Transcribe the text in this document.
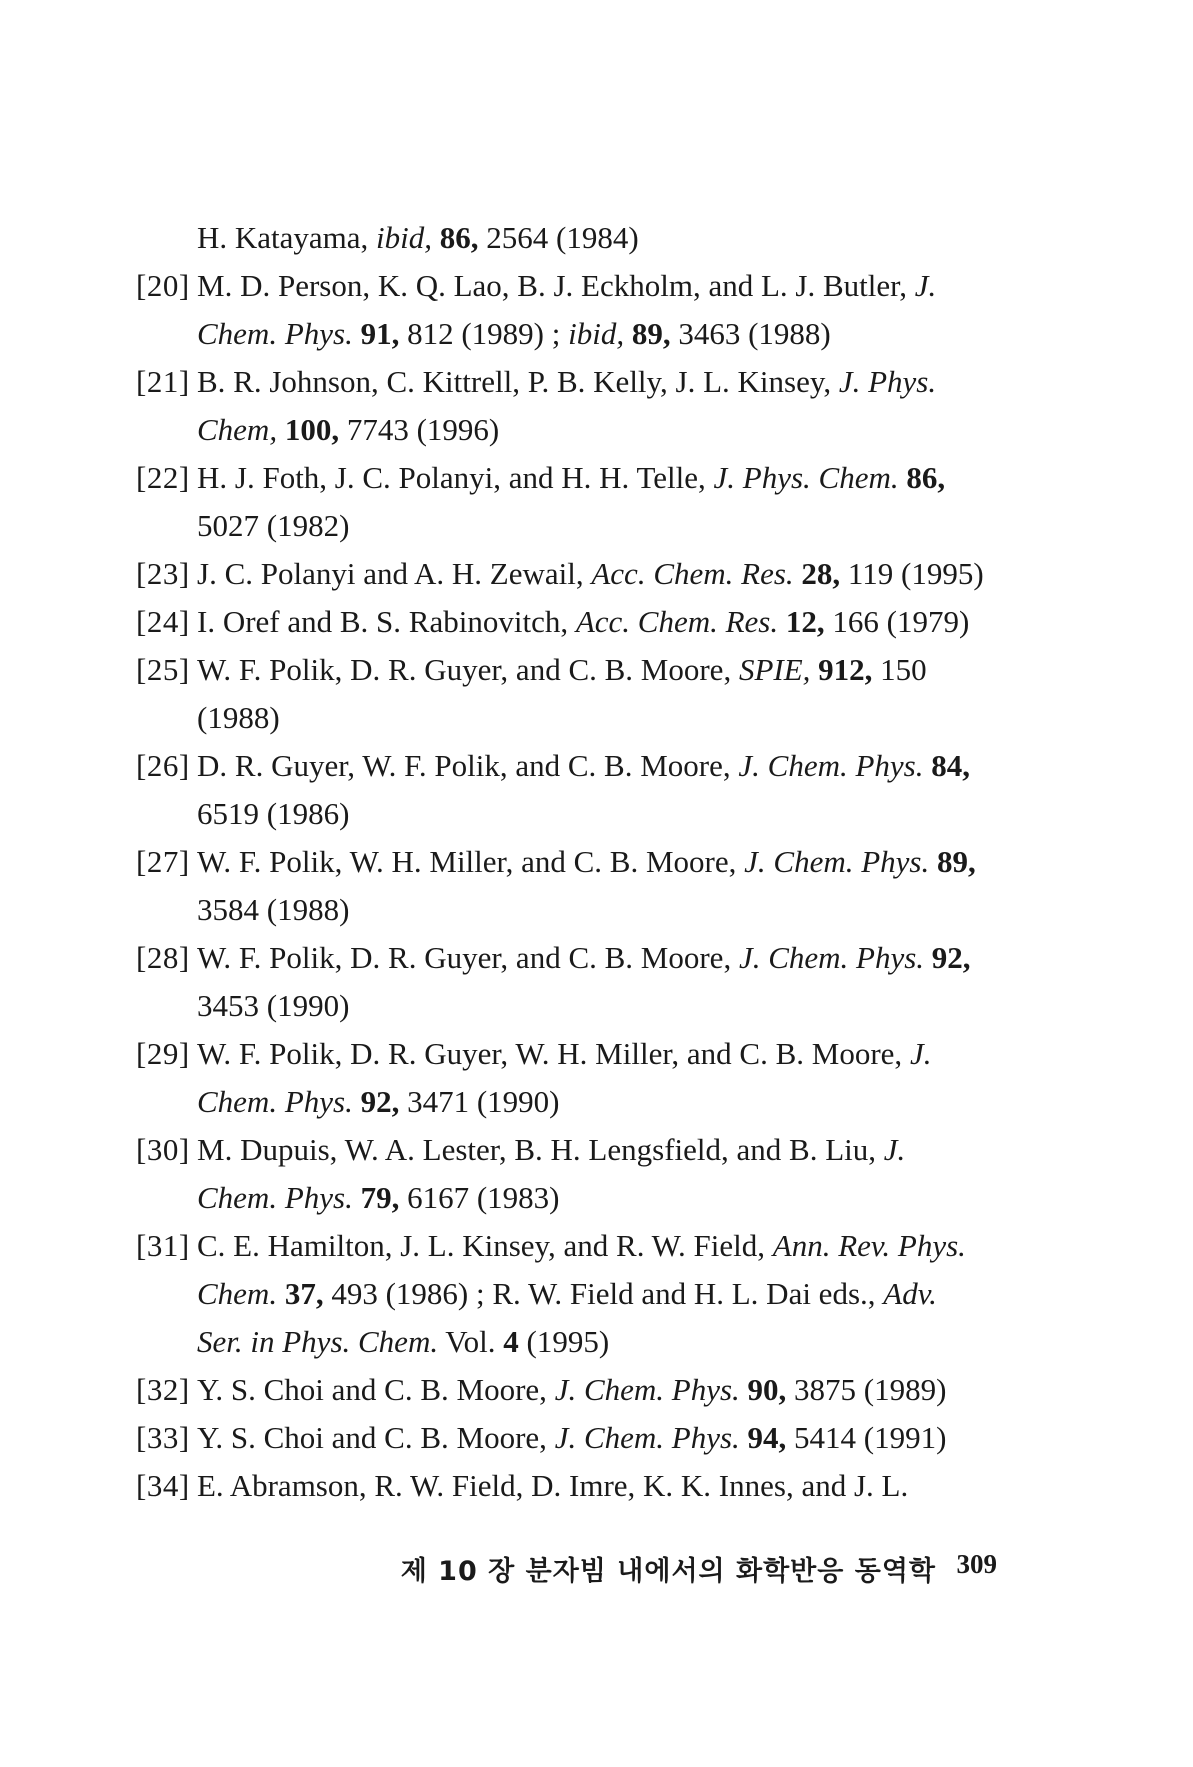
H. Katayama, ibid, 86, 2564 (1984)
[20] M. D. Person, K. Q. Lao, B. J. Eckholm, and L. J. Butler, J.
Chem. Phys. 91, 812 (1989) ; ibid, 89, 3463 (1988)
[21] B. R. Johnson, C. Kittrell, P. B. Kelly, J. L. Kinsey, J. Phys.
Chem, 100, 7743 (1996)
[22] H. J. Foth, J. C. Polanyi, and H. H. Telle, J. Phys. Chem. 86,
5027 (1982)
[23] J. C. Polanyi and A. H. Zewail, Acc. Chem. Res. 28, 119 (1995)
[24] I. Oref and B. S. Rabinovitch, Acc. Chem. Res. 12, 166 (1979)
[25] W. F. Polik, D. R. Guyer, and C. B. Moore, SPIE, 912, 150
(1988)
[26] D. R. Guyer, W. F. Polik, and C. B. Moore, J. Chem. Phys. 84,
6519 (1986)
[27] W. F. Polik, W. H. Miller, and C. B. Moore, J. Chem. Phys. 89,
3584 (1988)
[28] W. F. Polik, D. R. Guyer, and C. B. Moore, J. Chem. Phys. 92,
3453 (1990)
[29] W. F. Polik, D. R. Guyer, W. H. Miller, and C. B. Moore, J.
Chem. Phys. 92, 3471 (1990)
[30] M. Dupuis, W. A. Lester, B. H. Lengsfield, and B. Liu, J.
Chem. Phys. 79, 6167 (1983)
[31] C. E. Hamilton, J. L. Kinsey, and R. W. Field, Ann. Rev. Phys.
Chem. 37, 493 (1986) ; R. W. Field and H. L. Dai eds., Adv.
Ser. in Phys. Chem. Vol. 4 (1995)
[32] Y. S. Choi and C. B. Moore, J. Chem. Phys. 90, 3875 (1989)
[33] Y. S. Choi and C. B. Moore, J. Chem. Phys. 94, 5414 (1991)
[34] E. Abramson, R. W. Field, D. Imre, K. K. Innes, and J. L.
제 10 장 분자빔 내에서의 화학반응 동역학 309
